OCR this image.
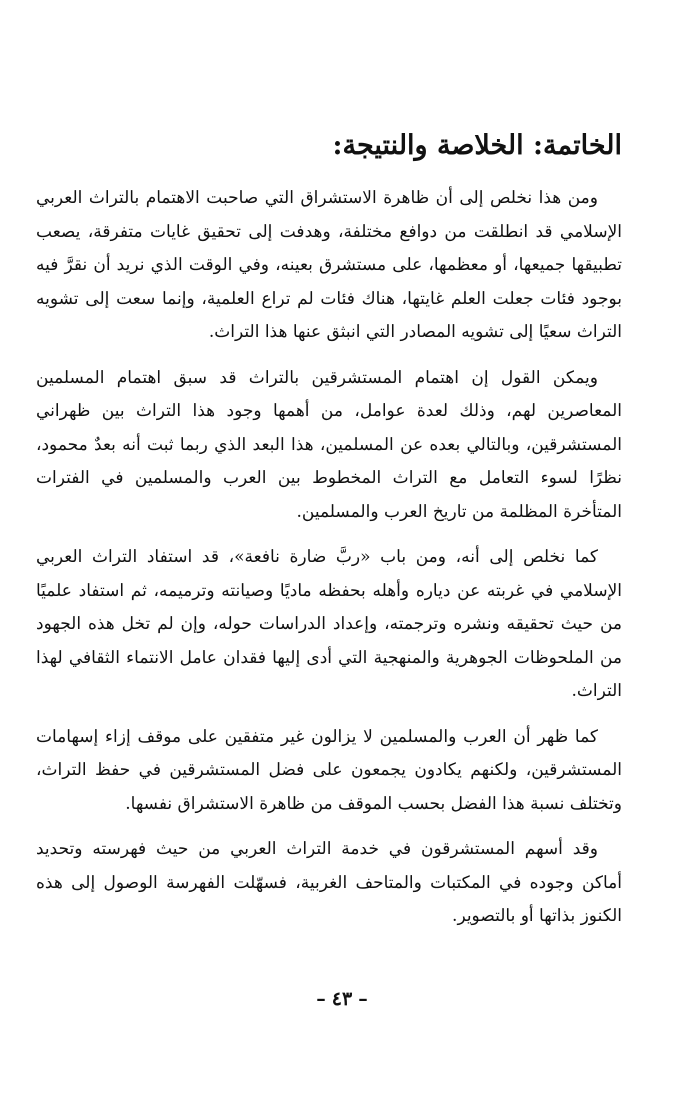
الخاتمة: الخلاصة والنتيجة:

ومن هذا نخلص إلى أن ظاهرة الاستشراق التي صاحبت الاهتمام بالتراث العربي الإسلامي قد انطلقت من دوافع مختلفة، وهدفت إلى تحقيق غايات متفرقة، يصعب تطبيقها جميعها، أو معظمها، على مستشرق بعينه، وفي الوقت الذي نريد أن نقرَّ فيه بوجود فئات جعلت العلم غايتها، هناك فئات لم تراع العلمية، وإنما سعت إلى تشويه التراث سعيًا إلى تشويه المصادر التي انبثق عنها هذا التراث.

ويمكن القول إن اهتمام المستشرقين بالتراث قد سبق اهتمام المسلمين المعاصرين لهم، وذلك لعدة عوامل، من أهمها وجود هذا التراث بين ظهراني المستشرقين، وبالتالي بعده عن المسلمين، هذا البعد الذي ربما ثبت أنه بعدٌ محمود، نظرًا لسوء التعامل مع التراث المخطوط بين العرب والمسلمين في الفترات المتأخرة المظلمة من تاريخ العرب والمسلمين.

كما نخلص إلى أنه، ومن باب «ربَّ ضارة نافعة»، قد استفاد التراث العربي الإسلامي في غربته عن دياره وأهله بحفظه ماديًا وصيانته وترميمه، ثم استفاد علميًا من حيث تحقيقه ونشره وترجمته، وإعداد الدراسات حوله، وإن لم تخل هذه الجهود من الملحوظات الجوهرية والمنهجية التي أدى إليها فقدان عامل الانتماء الثقافي لهذا التراث.

كما ظهر أن العرب والمسلمين لا يزالون غير متفقين على موقف إزاء إسهامات المستشرقين، ولكنهم يكادون يجمعون على فضل المستشرقين في حفظ التراث، وتختلف نسبة هذا الفضل بحسب الموقف من ظاهرة الاستشراق نفسها.

وقد أسهم المستشرقون في خدمة التراث العربي من حيث فهرسته وتحديد أماكن وجوده في المكتبات والمتاحف الغربية، فسهّلت الفهرسة الوصول إلى هذه الكنوز بذاتها أو بالتصوير.

–٤٣–
